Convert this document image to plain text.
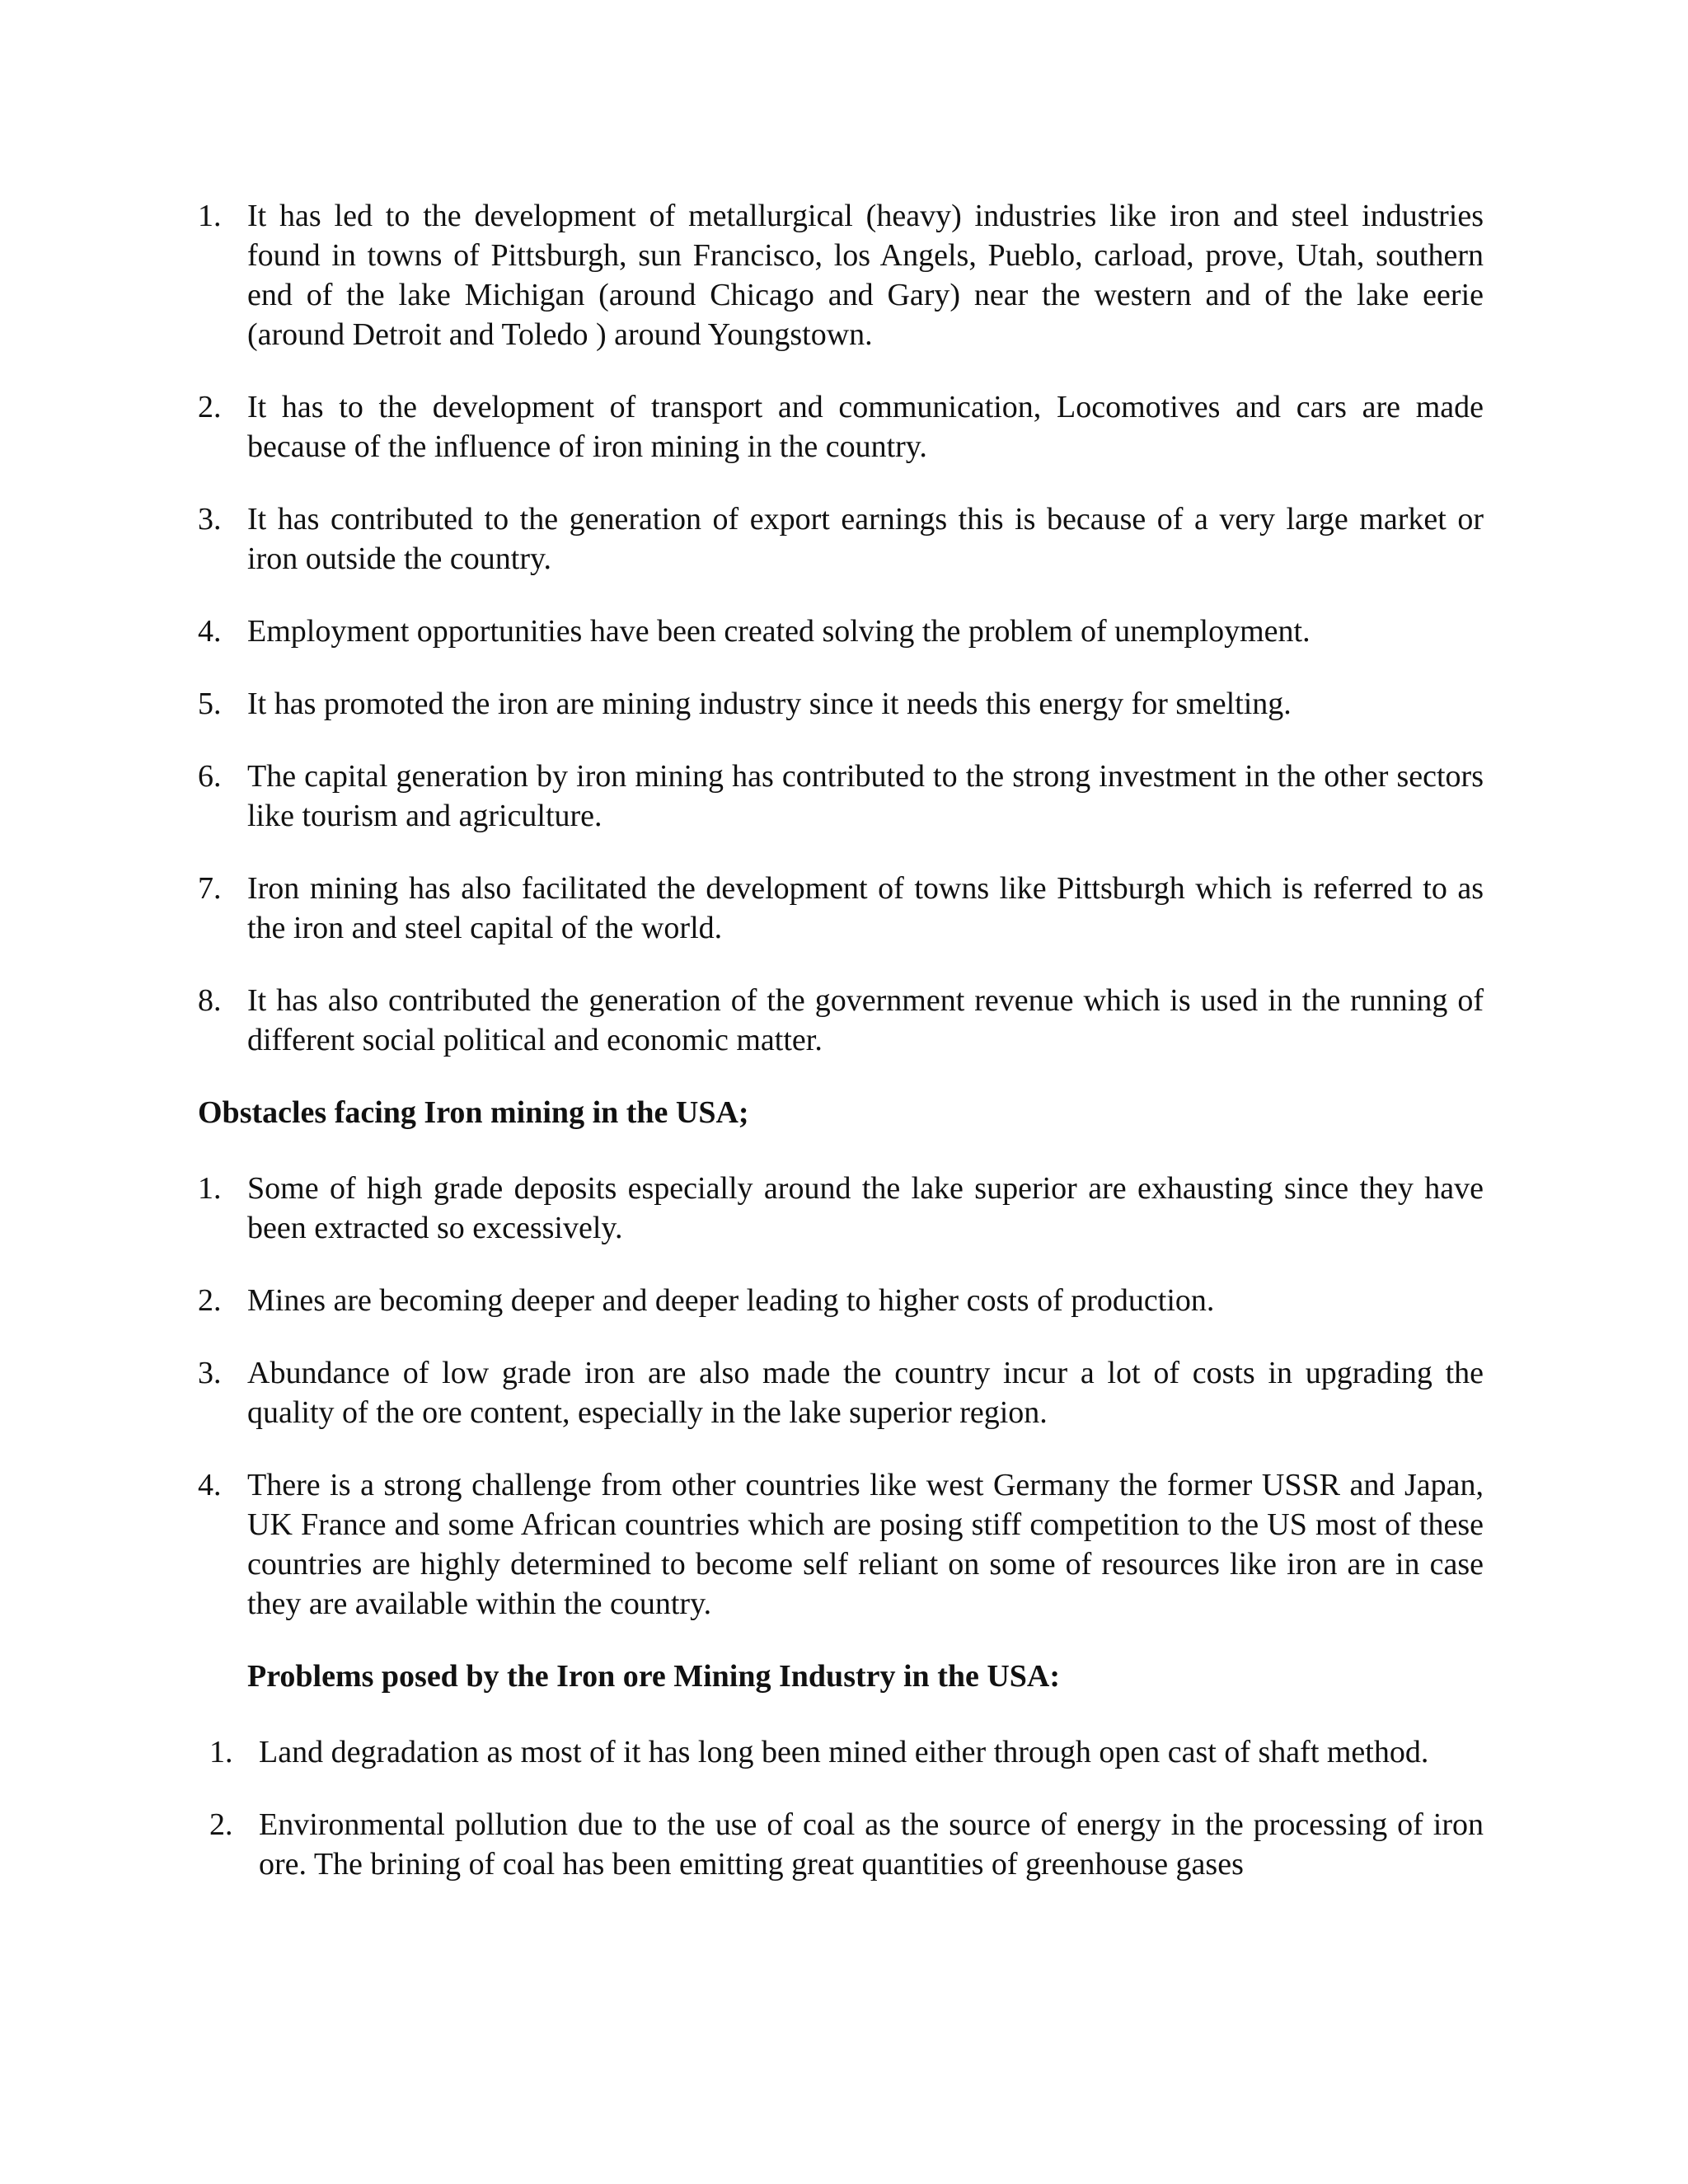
1. It has led to the development of metallurgical (heavy) industries like iron and steel industries found in towns of Pittsburgh, sun Francisco, los Angels, Pueblo, carload, prove, Utah, southern end of the lake Michigan (around Chicago and Gary) near the western and of the lake eerie (around Detroit and Toledo ) around Youngstown.
2. It has to the development of transport and communication, Locomotives and cars are made because of the influence of iron mining in the country.
3. It has contributed to the generation of export earnings this is because of a very large market or iron outside the country.
4. Employment opportunities have been created solving the problem of unemployment.
5. It has promoted the iron are mining industry since it needs this energy for smelting.
6. The capital generation by iron mining has contributed to the strong investment in the other sectors like tourism and agriculture.
7. Iron mining has also facilitated the development of towns like Pittsburgh which is referred to as the iron and steel capital of the world.
8. It has also contributed the generation of the government revenue which is used in the running of different social political and economic matter.
Obstacles facing Iron mining in the USA;
1. Some of high grade deposits especially around the lake superior are exhausting since they have been extracted so excessively.
2. Mines are becoming deeper and deeper leading to higher costs of production.
3. Abundance of low grade iron are also made the country incur a lot of costs in upgrading the quality of the ore content, especially in the lake superior region.
4. There is a strong challenge from other countries like west Germany the former USSR and Japan, UK France and some African countries which are posing stiff competition to the US most of these countries are highly determined to become self reliant on some of resources like iron are in case they are available within the country.
Problems posed by the Iron ore Mining Industry in the USA:
1. Land degradation as most of it has long been mined either through open cast of shaft method.
2. Environmental pollution due to the use of coal as the source of energy in the processing of iron ore. The brining of coal has been emitting great quantities of greenhouse gases
